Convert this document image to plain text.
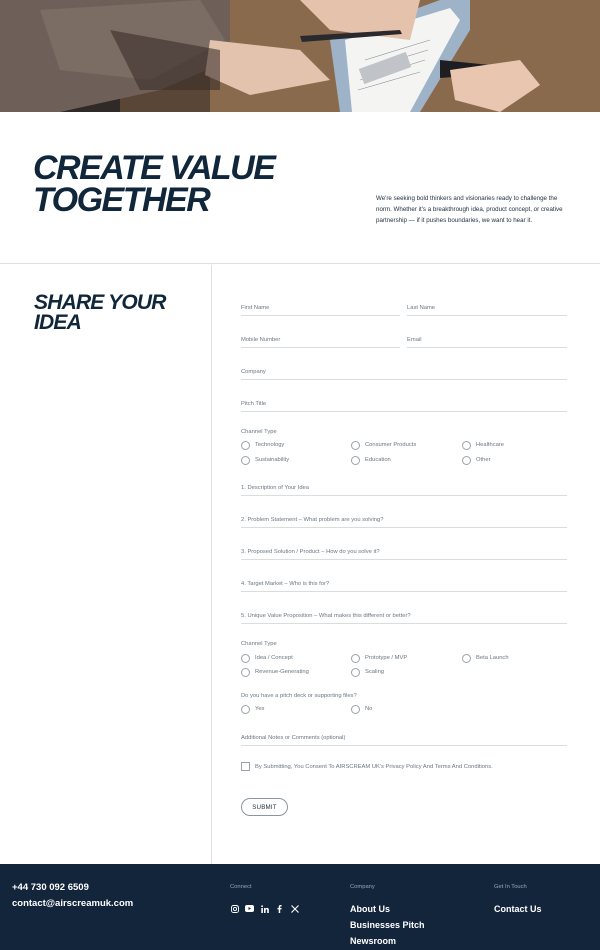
CREATE VALUE TOGETHER	We're seeking bold thinkers and visionaries ready to challenge the norm. Whether it's a breakthrough idea, product concept, or creative partnership — if it pushes boundaries, we want to hear it.

SHARE YOUR IDEA
First Name	Last Name
Mobile Number	Email
Company
Pitch Title
Channel Type
Technology	Consumer Products	Healthcare
Sustainability	Education	Other
1. Description of Your Idea
2. Problem Statement – What problem are you solving?
3. Proposed Solution / Product – How do you solve it?
4. Target Market – Who is this for?
5. Unique Value Proposition – What makes this different or better?
Channel Type
Idea / Concept	Prototype / MVP	Beta Launch
Revenue-Generating	Scaling
Do you have a pitch deck or supporting files?
Yes	No
Additional Notes or Comments (optional)
By Submitting, You Consent To AIRSCREAM UK's Privacy Policy And Terms And Conditions.
SUBMIT
+44 730 092 6509
contact@airscreamuk.com
Connect	Company
About Us
Businesses Pitch
Newsroom
Get In Touch
Contact Us
